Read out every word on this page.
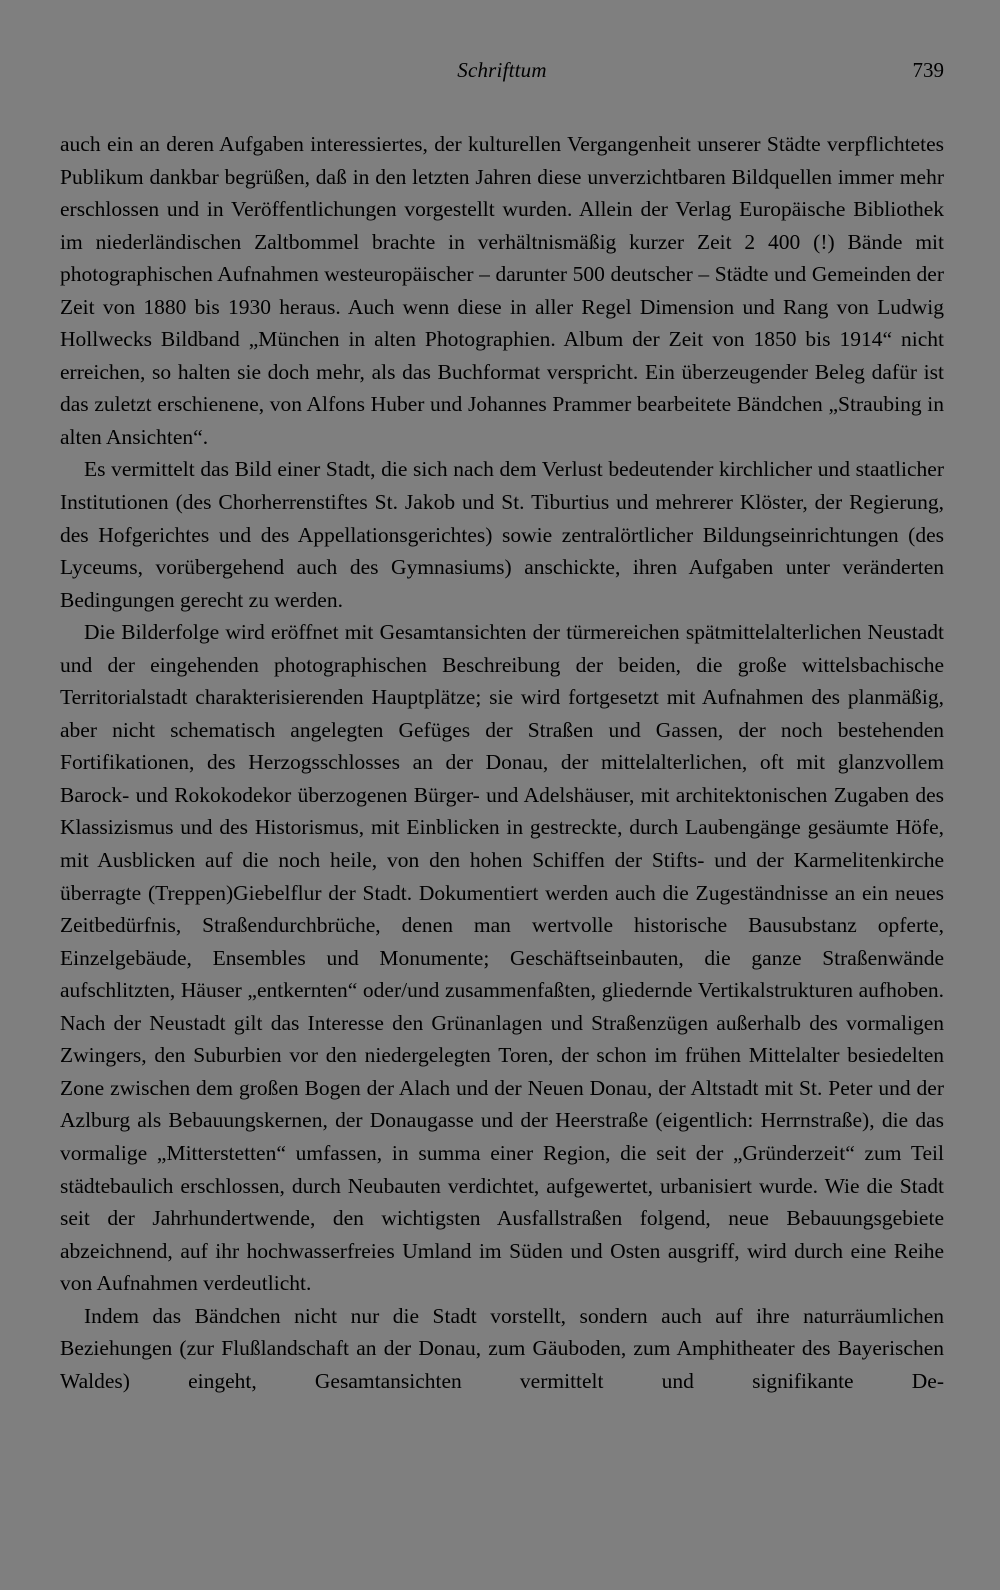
Schrifttum	739

auch ein an deren Aufgaben interessiertes, der kulturellen Vergangenheit unserer Städte verpflichtetes Publikum dankbar begrüßen, daß in den letzten Jahren diese unverzichtbaren Bildquellen immer mehr erschlossen und in Veröffentlichungen vorgestellt wurden. Allein der Verlag Europäische Bibliothek im niederländischen Zaltbommel brachte in verhältnismäßig kurzer Zeit 2 400 (!) Bände mit photographischen Aufnahmen westeuropäischer – darunter 500 deutscher – Städte und Gemeinden der Zeit von 1880 bis 1930 heraus. Auch wenn diese in aller Regel Dimension und Rang von Ludwig Hollwecks Bildband „München in alten Photographien. Album der Zeit von 1850 bis 1914“ nicht erreichen, so halten sie doch mehr, als das Buchformat verspricht. Ein überzeugender Beleg dafür ist das zuletzt erschienene, von Alfons Huber und Johannes Prammer bearbeitete Bändchen „Straubing in alten Ansichten“.

Es vermittelt das Bild einer Stadt, die sich nach dem Verlust bedeutender kirchlicher und staatlicher Institutionen (des Chorherrenstiftes St. Jakob und St. Tiburtius und mehrerer Klöster, der Regierung, des Hofgerichtes und des Appellationsgerichtes) sowie zentralörtlicher Bildungseinrichtungen (des Lyceums, vorübergehend auch des Gymnasiums) anschickte, ihren Aufgaben unter veränderten Bedingungen gerecht zu werden.

Die Bilderfolge wird eröffnet mit Gesamtansichten der türmereichen spätmittelalterlichen Neustadt und der eingehenden photographischen Beschreibung der beiden, die große wittelsbachische Territorialstadt charakterisierenden Hauptplätze; sie wird fortgesetzt mit Aufnahmen des planmäßig, aber nicht schematisch angelegten Gefüges der Straßen und Gassen, der noch bestehenden Fortifikationen, des Herzogsschlosses an der Donau, der mittelalterlichen, oft mit glanzvollem Barock- und Rokokodekor überzogenen Bürger- und Adelshäuser, mit architektonischen Zugaben des Klassizismus und des Historismus, mit Einblicken in gestreckte, durch Laubengänge gesäumte Höfe, mit Ausblicken auf die noch heile, von den hohen Schiffen der Stifts- und der Karmelitenkirche überragte (Treppen)Giebelflur der Stadt. Dokumentiert werden auch die Zugeständnisse an ein neues Zeitbedürfnis, Straßendurchbrüche, denen man wertvolle historische Bausubstanz opferte, Einzelgebäude, Ensembles und Monumente; Geschäftseinbauten, die ganze Straßenwände aufschlitzten, Häuser „entkernten“ oder/und zusammenfaßten, gliedernde Vertikalstrukturen aufhoben. Nach der Neustadt gilt das Interesse den Grünanlagen und Straßenzügen außerhalb des vormaligen Zwingers, den Suburbien vor den niedergelegten Toren, der schon im frühen Mittelalter besiedelten Zone zwischen dem großen Bogen der Alach und der Neuen Donau, der Altstadt mit St. Peter und der Azlburg als Bebauungskernen, der Donaugasse und der Heerstraße (eigentlich: Herrnstraße), die das vormalige „Mitterstetten“ umfassen, in summa einer Region, die seit der „Gründerzeit“ zum Teil städtebaulich erschlossen, durch Neubauten verdichtet, aufgewertet, urbanisiert wurde. Wie die Stadt seit der Jahrhundertwende, den wichtigsten Ausfallstraßen folgend, neue Bebauungsgebiete abzeichnend, auf ihr hochwasserfreies Umland im Süden und Osten ausgriff, wird durch eine Reihe von Aufnahmen verdeutlicht.

Indem das Bändchen nicht nur die Stadt vorstellt, sondern auch auf ihre naturräumlichen Beziehungen (zur Flußlandschaft an der Donau, zum Gäuboden, zum Amphitheater des Bayerischen Waldes) eingeht, Gesamtansichten vermittelt und signifikante De-
